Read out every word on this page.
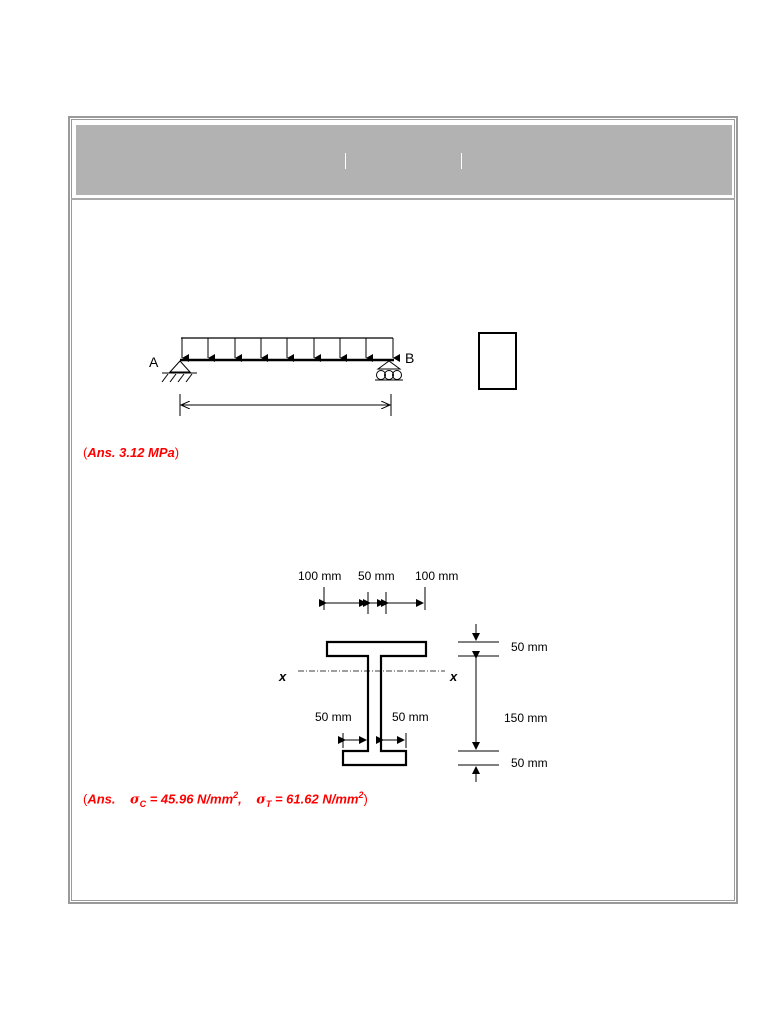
A	B
100 mm 50 mm 100 mm
x	x
50 mm
150 mm
50 mm
50 mm	50 mm
(Ans. 3.12 MPa)
(Ans. $\sigma_C = 45.96$ $N/mm^2$, $\sigma_T = 61.62$ $N/mm^2$)
